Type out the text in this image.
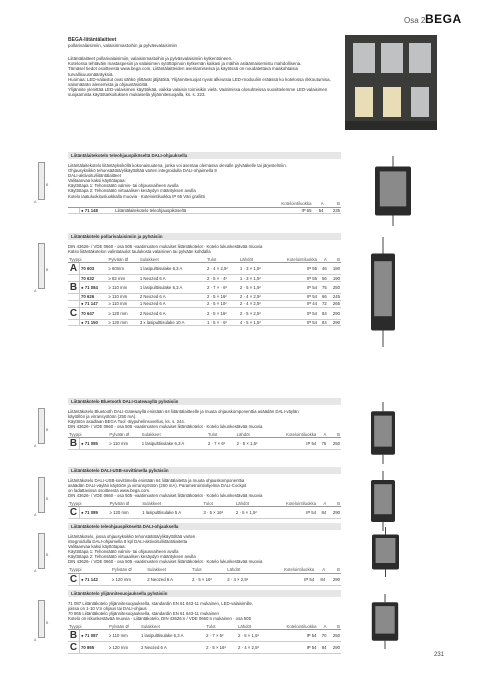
Osa 2 BEGA
BEGA-liitäntälaitteet
pollarivalaisimiin, valaisinmastoihin ja pylväsvalaisimiin
Liitäntälaitteet pollarivalaisimiin, valaisinmastoihin ja pylväsvalaisimiin kytkentöineen.
Kotelossa tehtäväin mastaspesiin ja valaisimen sytöttöpinoin kytkemän kaikasi ja mäihin asiäämaisemistu mahdollisena.
Tämäsel tiedot osoitteesta www.bega.com. Liitäntälaitteiden asentamisessa ja käytössä on noudatettava maakohtaisia turvallisuusmääräyksiä.
Huomaa: LED-valaistut ovat sähkö ylittävät jäljätöitä. Ylijännitesuojat nyvat alkeutsia LED-moduuliin eräässä ko kotelossa rikkoutumisa, valomäärän alenemista ja ohjaustäsiöittä.
Ylijännite ylenittää LED-valaisimen käyttöikää, vaikka valaisin toimisikin vielä. Vaatimissa olosuhteissa suosittelemme LED-valaisimen suojaamista käyttötarkoituksen mukaisella ylijännitesuojalla, ks. s. 223.
Liitäntälaitekotelo teleohjauspiköseltä DALI-ohjauksella
Liitäntälaitekotelo liitäntäyksiköllä kokonaisuutena, jonka voi asentaa olemassa olevalle pylvääkelle tai järjestelmiin.
Ohjausyksikkö tehonsäätöä/ylikäyttöltää varten integroidulla DALI-ohjaimella 8
DALI-aktivoitu/liitäntälaitteet
Valitaanvaa kaksi käyttötapaa:
Käyttötapa 1: Tehonsäätö valmis- tai ohjausvaiheen avulla
Käyttötapa 2: Tehonsäätö virtuaalisen kesäydyn määrityksen avulla
Kotelo laatuluokitusluokkalla muovia · Kotelointiluokka IP 65 Väri grafiitti
						Kotelointiluokka	A	B
	● 71 148	Liitäntälaitekotelo teleohjauspiköseltä				IP 65	54	235
Liitäntäkotelo pollarivalaisimiin ja pylväisiin
DIN 43626- / VDE 0660 - osa 505 -vaatimusten mukaiset liitäntäkotelot · Kotelo lukunkestävää muovia
Katso liitäntäkotelon valintataulot taulukosta valaisinen tai pylvään kohdalla
Tyyppi		Pylvään Ø	Sulakkeet	Tulot	Lähdöt	Kotelointiluokka	A	B
A	70 603	≥ 60mm	1 lasipulttisulake 6,3 A	2 · 4 × 2,5²	1 · 3 × 1,5²	IP 55	46	180
	70 632	≥ 82 mm	1 Neozed 6 A	2 · 5 × · 4²	1 · 3 × 1,5²	IP 55	56	190
B	● 71 084	≥ 110 mm	1 lasipulttisulake 6,3 A	2 · 7 × · 6²	2 · 5 × 1,5²	IP 54	75	250
	70 626	≥ 110 mm	2 Neozed 6 A	2 · 5 × 16²	2 · 4 × 2,5²	IP 54	66	245
	● 71 147	≥ 110 mm	1 Neozed 6 A	2 · 5 × 10²	2 · 4 × 2,5²	IP 44	72	265
C	70 647	≥ 120 mm	2 Neozed 6 A	2 · 5 × 16²	2 · 5 × 2,5²	IP 54	84	290
	● 71 150	≥ 120 mm	3 x lasipulttisulake 10 A	1 · 5 × · 6²	4 · 5 × 1,5²	IP 54	84	290
Liitäntäkotelo Bluetooth DALI-Gatewayllä pylväisiin
Liitäntäkotelo Bluetooth DALI-Gatewayllä enintään 64 liitäntälaitteelle ja muuta ohjauskomponenttia asäädän DALI-väylän
käytöllön ja virransyötöön (250 mA).
Käyttöön asadlaan BEGA Tool -älypuhelinsovellus, ks. s. 244.
DIN 43626- / VDE 0660 - osa 505 -vaatimusten mukaiset liitäntäkotelot · Kotelo lukunkestävää muovia
Tyyppi		Pylvään Ø	Sulakkeet	Tulot	Lähdöt	Kotelointiluokka	A	B
B	● 71 085	≥ 110 mm	1 lasipulttisulake 6,3 A	2 · 7 × 6²	2 · 5 × 1,5²	IP 54	75	250
Liitäntäkotelo DALI-USB-sovittimella pylväisiin
Liitäntäkotelo DALI-USB-sovittimella enintään 64 liitäntälaitetta ja muuta ohjauskomponenttia
asäädän DALI-väylän käytölön ja virransyötöön (250 mA). Parametrointiohjelma DALI-Cockpit
on ladattavissa osoitteesta www.bega.com.
DIN 43626- / VDE 0660 - osa 505 -vaatimusten mukaiset liitäntäkotelot · Kotelo lukunkestävää muovia
Tyyppi		Pylvään Ø	Sulakkeet	Tulot	Lähdöt	Kotelointiluokka	A	B
C	● 71 089	≥ 120 mm	1 lasipulttisulake 5 A	3 · 5 × 16²	2 · 5 × 1,5²	IP 54	84	290
Liitäntäkotelo teleohjauspiköseltä DALI-ohjauksella
Liitäntäkotelo, jossa ohjausyksikkö tehonsäätöä/ylikäyttöltää varten
integroidulla DALI-ohjaimella 8 kpl DALI-aktivoitu/liitäntälaitetta
Valitaanvaa kaksi käyttötapaa:
Käyttötapa 1: Tehonsäätö valmis- tai ohjausvaiheen avulla
Käyttötapa 2: Tehonsäätö virtuaalisen kesäydyn määrityksen avulla
DIN 43626- / VDE 0660 - osa 505 -vaatimusten mukaiset liitäntäkotelot · Kotelo lukunkestävää muovia
Tyyppi		Pylvään Ø	Sulakkeet	Tulot	Lähdöt	Kotelointiluokka	A	B
C	● 71 142	≥ 120 mm	2 Neozed 6 A	2 · 5 × 16²	2 · 4 × 2,5²	IP 54	84	290
Liitäntäkotelo ylijännitesuojauksella pylväisiin
71 087 Liitäntäkotelo ylijännitesuojauksella, standardin EN 61 643-11 mukainen, LED-valaisimille,
joissa on 1-10 V:n ohjaus tai DALI-ohjaus
70 865 Liitäntäkotelo ylijännitesuojauksella, standardin EN 61 643-11 mukainen
Kotelo on iskunkestävää muovia · Liitäntäkotelo, DIN 43626:n / VDE 0660:n mukainen · osa 505
Tyyppi		Pylvään Ø	Sulakkeet	Tulot	Lähdöt	Kotelointiluokka	A	B
B	● 71 087	≥ 110 mm	1 lasipulttisulake 6,3 A	2 · 7 × 6²	2 · 5 × 1,5²	IP 54	70	250
C	70 865	≥ 120 mm	2 Neozed 6 A	2 · 5 × 16²	2 · 4 × 2,5²	IP 54	84	290
231
A
B
A
B
A
B
A
B
A
B
A
B
